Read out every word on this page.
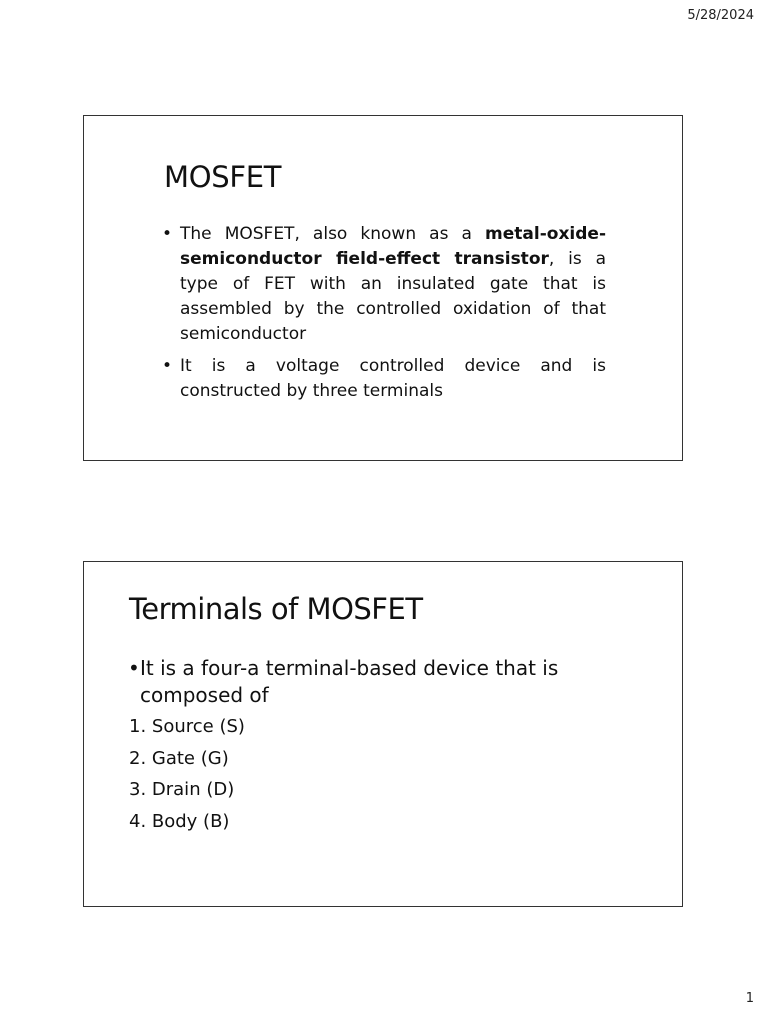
5/28/2024
MOSFET
• The MOSFET, also known as a metal-oxide-semiconductor field-effect transistor, is a type of FET with an insulated gate that is assembled by the controlled oxidation of that semiconductor
• It is a voltage controlled device and is constructed by three terminals
Terminals of MOSFET
• It is a four-a terminal-based device that is composed of
1. Source (S)
2. Gate (G)
3. Drain (D)
4. Body (B)
1
